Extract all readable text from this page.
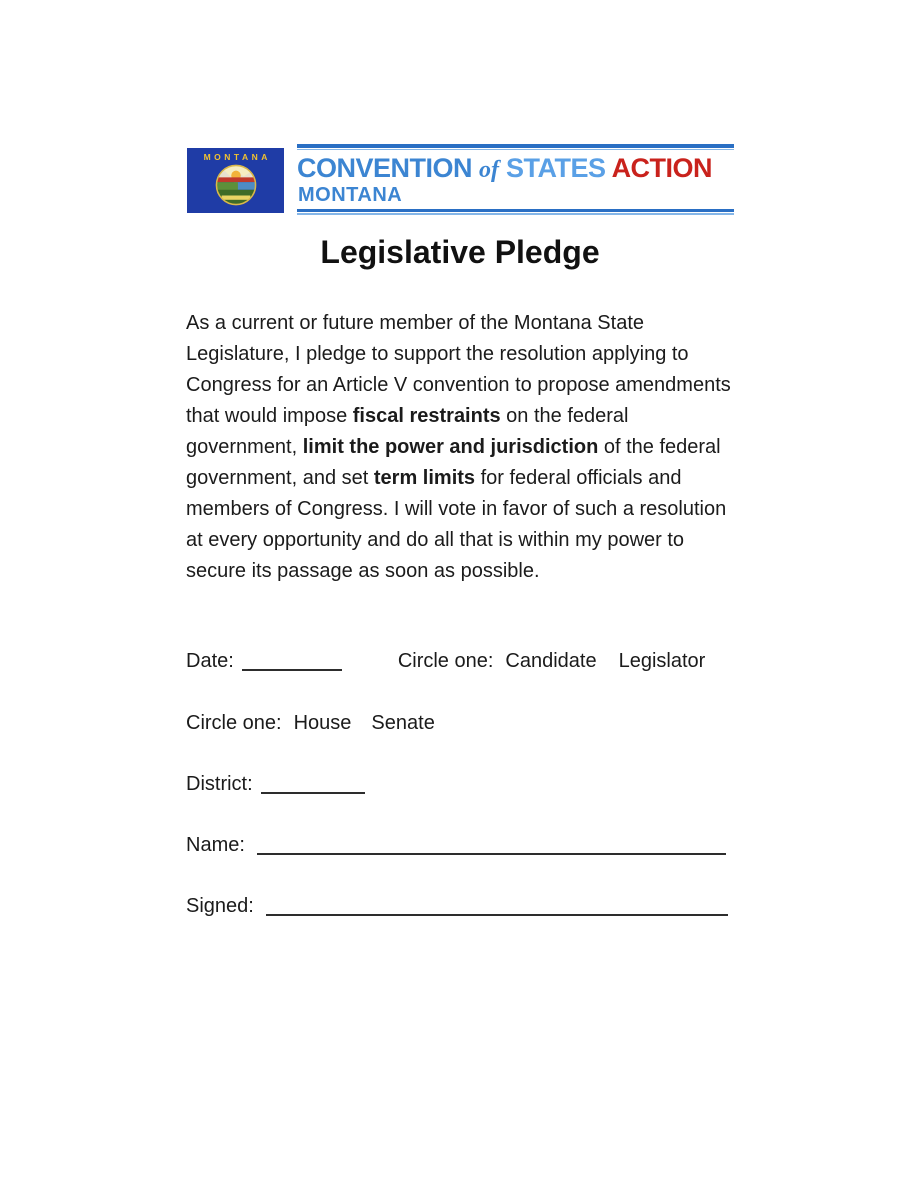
MONTANA CONVENTION of STATES ACTION
MONTANA
Legislative Pledge
As a current or future member of the Montana State Legislature, I pledge to support the resolution applying to Congress for an Article V convention to propose amendments that would impose fiscal restraints on the federal government, limit the power and jurisdiction of the federal government, and set term limits for federal officials and members of Congress. I will vote in favor of such a resolution at every opportunity and do all that is within my power to secure its passage as soon as possible.
Date:	Circle one: Candidate Legislator
Circle one: House Senate
District:
Name:
Signed:
